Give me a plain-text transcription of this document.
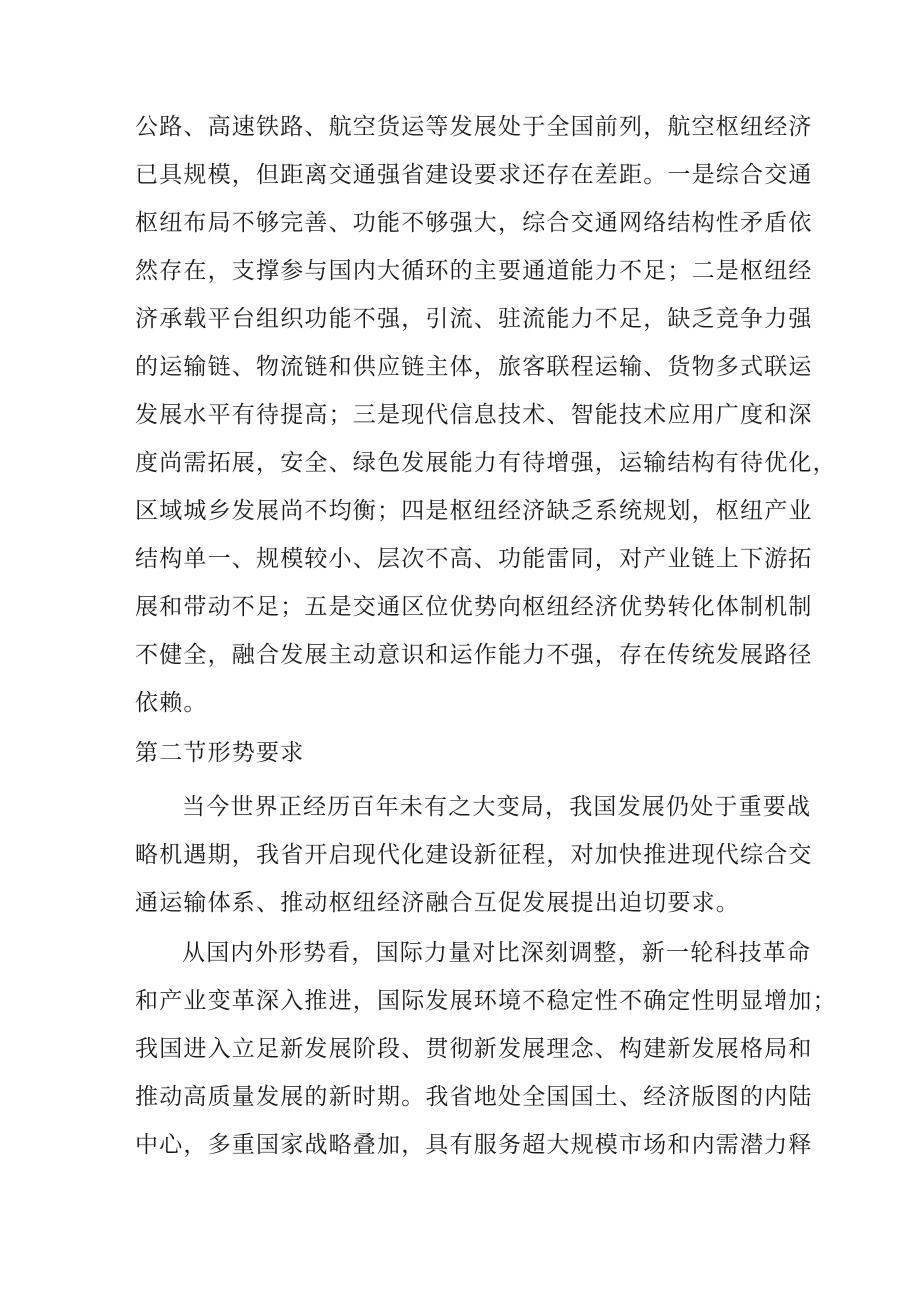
公路、高速铁路、航空货运等发展处于全国前列，航空枢纽经济

已具规模，但距离交通强省建设要求还存在差距。一是综合交通

枢纽布局不够完善、功能不够强大，综合交通网络结构性矛盾依

然存在，支撑参与国内大循环的主要通道能力不足；二是枢纽经

济承载平台组织功能不强，引流、驻流能力不足，缺乏竞争力强

的运输链、物流链和供应链主体，旅客联程运输、货物多式联运

发展水平有待提高；三是现代信息技术、智能技术应用广度和深

度尚需拓展，安全、绿色发展能力有待增强，运输结构有待优化，

区域城乡发展尚不均衡；四是枢纽经济缺乏系统规划，枢纽产业

结构单一、规模较小、层次不高、功能雷同，对产业链上下游拓

展和带动不足；五是交通区位优势向枢纽经济优势转化体制机制

不健全，融合发展主动意识和运作能力不强，存在传统发展路径

依赖。

第二节形势要求

当今世界正经历百年未有之大变局，我国发展仍处于重要战

略机遇期，我省开启现代化建设新征程，对加快推进现代综合交

通运输体系、推动枢纽经济融合互促发展提出迫切要求。

从国内外形势看，国际力量对比深刻调整，新一轮科技革命

和产业变革深入推进，国际发展环境不稳定性不确定性明显增加；

我国进入立足新发展阶段、贯彻新发展理念、构建新发展格局和

推动高质量发展的新时期。我省地处全国国土、经济版图的内陆

中心，多重国家战略叠加，具有服务超大规模市场和内需潜力释
